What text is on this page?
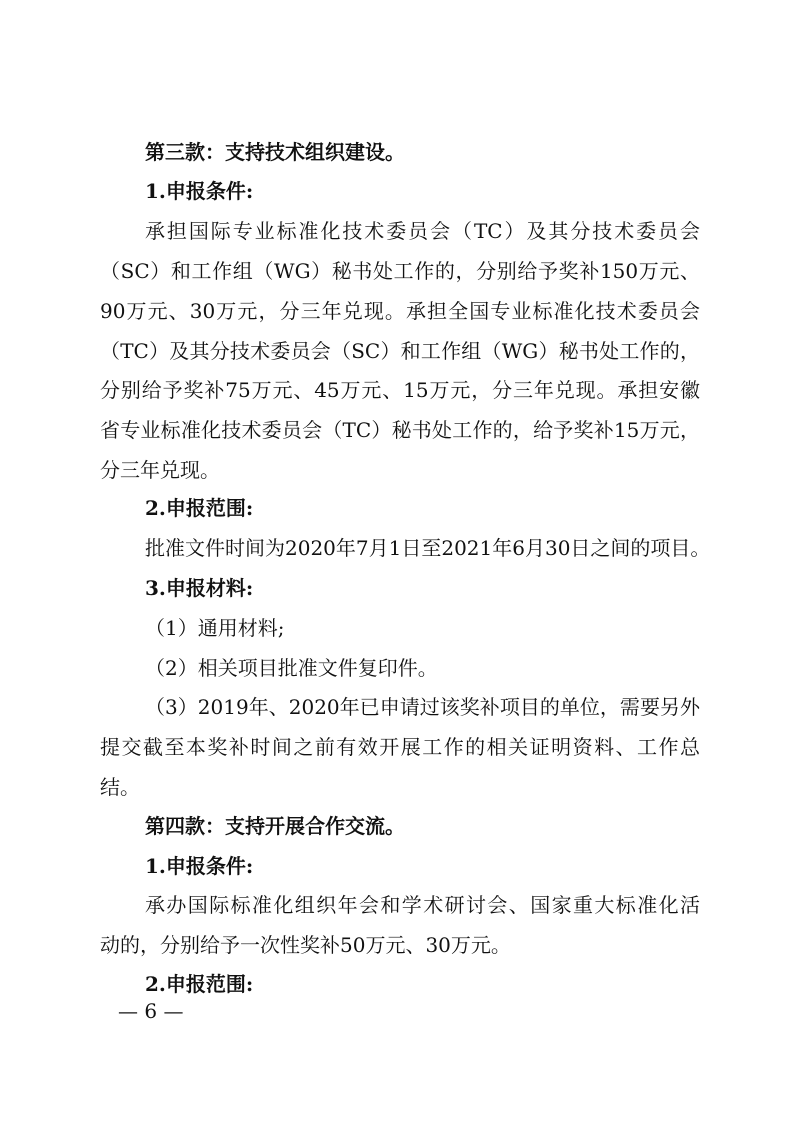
第三款：支持技术组织建设。
1.申报条件:
承担国际专业标准化技术委员会（TC）及其分技术委员会
（SC）和工作组（WG）秘书处工作的，分别给予奖补150万元、
90万元、30万元，分三年兑现。承担全国专业标准化技术委员会
（TC）及其分技术委员会（SC）和工作组（WG）秘书处工作的，
分别给予奖补75万元、45万元、15万元，分三年兑现。承担安徽
省专业标准化技术委员会（TC）秘书处工作的，给予奖补15万元，
分三年兑现。
2.申报范围:
批准文件时间为2020年7月1日至2021年6月30日之间的项目。
3.申报材料:
（1）通用材料;
（2）相关项目批准文件复印件。
（3）2019年、2020年已申请过该奖补项目的单位，需要另外
提交截至本奖补时间之前有效开展工作的相关证明资料、工作总
结。
第四款：支持开展合作交流。
1.申报条件:
承办国际标准化组织年会和学术研讨会、国家重大标准化活
动的，分别给予一次性奖补50万元、30万元。
2.申报范围:
— 6 —
